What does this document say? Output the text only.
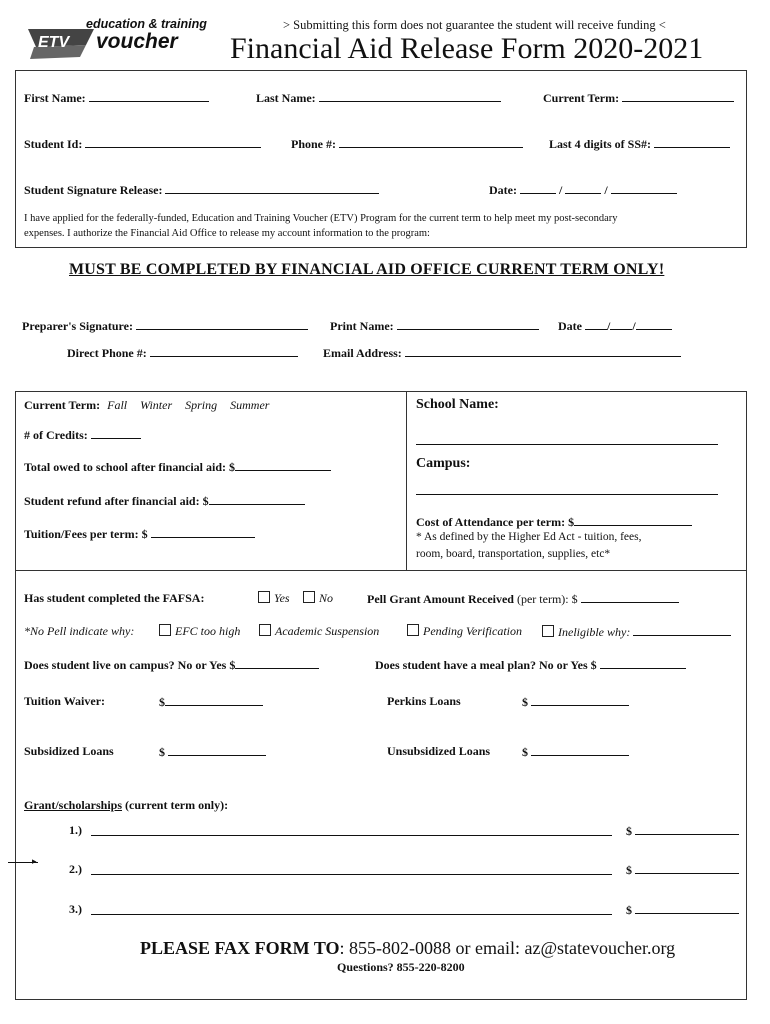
education & training
ETV voucher
> Submitting this form does not guarantee the student will receive funding <
Financial Aid Release Form 2020-2021
First Name:	Last Name:	Current Term:
Student Id:	Phone #:	Last 4 digits of SS#:
Student Signature Release:	Date:	/	/
I have applied for the federally-funded, Education and Training Voucher (ETV) Program for the current term to help meet my post-secondary
expenses. I authorize the Financial Aid Office to release my account information to the program:
MUST BE COMPLETED BY FINANCIAL AID OFFICE CURRENT TERM ONLY!
Preparer's Signature:	Print Name:	Date / /
Direct Phone #:	Email Address:
Current Term: Fall Winter Spring Summer
# of Credits:
Total owed to school after financial aid: $
Student refund after financial aid: $
Tuition/Fees per term: $
School Name:
Campus:
Cost of Attendance per term: $
* As defined by the Higher Ed Act - tuition, fees,
room, board, transportation, supplies, etc*
Has student completed the FAFSA:	Yes	No	Pell Grant Amount Received (per term): $
*No Pell indicate why:	EFC too high	Academic Suspension	Pending Verification	Ineligible why:
Does student live on campus? No or Yes $	Does student have a meal plan? No or Yes $
Tuition Waiver:	$	Perkins Loans	$
Subsidized Loans	$	Unsubsidized Loans	$
Grant/scholarships (current term only):
1.)	$
▸
2.)	$
3.)	$
PLEASE FAX FORM TO: 855-802-0088 or email: az@statevoucher.org
Questions? 855-220-8200
